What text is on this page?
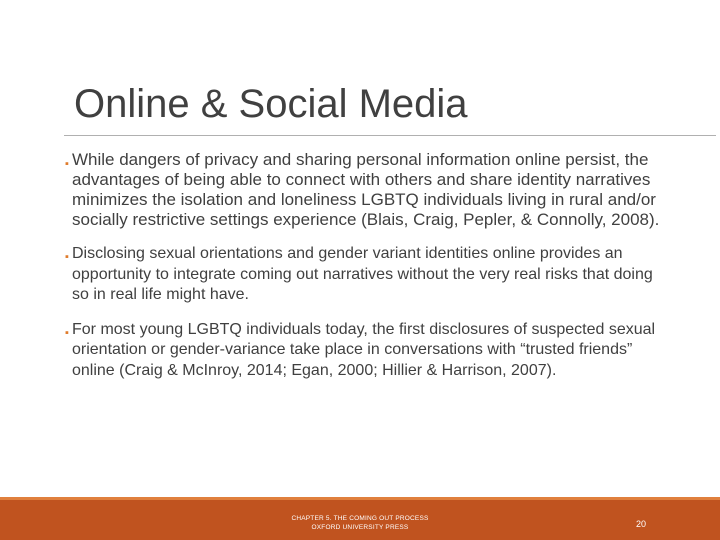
Online & Social Media
▪ While dangers of privacy and sharing personal information online persist, the advantages of being able to connect with others and share identity narratives minimizes the isolation and loneliness LGBTQ individuals living in rural and/or socially restrictive settings experience (Blais, Craig, Pepler, & Connolly, 2008).
▪ Disclosing sexual orientations and gender variant identities online provides an opportunity to integrate coming out narratives without the very real risks that doing so in real life might have.
▪ For most young LGBTQ individuals today, the first disclosures of suspected sexual orientation or gender-variance take place in conversations with “trusted friends” online (Craig & McInroy, 2014; Egan, 2000; Hillier & Harrison, 2007).
CHAPTER 5. THE COMING OUT PROCESS
OXFORD UNIVERSITY PRESS	20
